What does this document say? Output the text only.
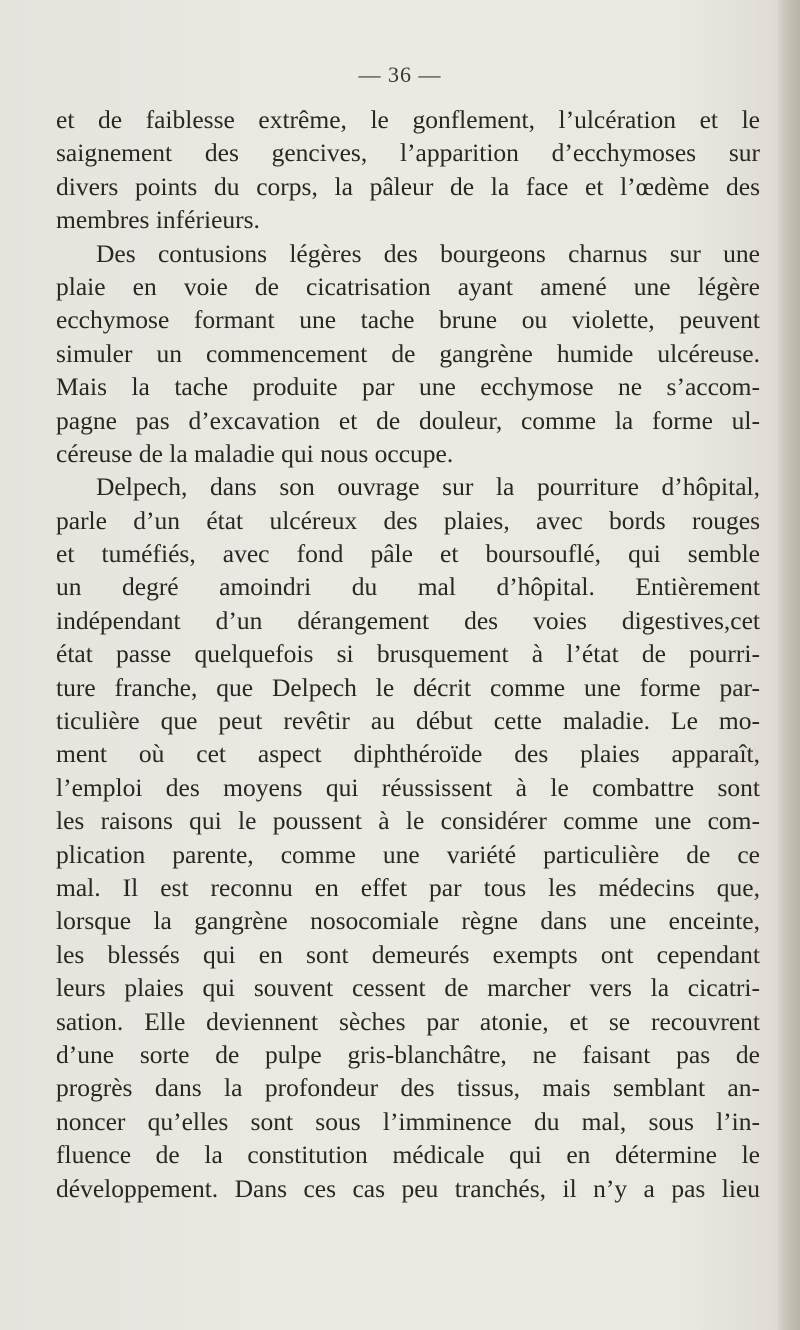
— 36 —
et de faiblesse extrême, le gonflement, l’ulcération et le
saignement des gencives, l’apparition d’ecchymoses sur
divers points du corps, la pâleur de la face et l’œdème des
membres inférieurs.
Des contusions légères des bourgeons charnus sur une
plaie en voie de cicatrisation ayant amené une légère
ecchymose formant une tache brune ou violette, peuvent
simuler un commencement de gangrène humide ulcéreuse.
Mais la tache produite par une ecchymose ne s’accom-
pagne pas d’excavation et de douleur, comme la forme ul-
céreuse de la maladie qui nous occupe.
Delpech, dans son ouvrage sur la pourriture d’hôpital,
parle d’un état ulcéreux des plaies, avec bords rouges
et tuméfiés, avec fond pâle et boursouflé, qui semble
un degré amoindri du mal d’hôpital. Entièrement
indépendant d’un dérangement des voies digestives,cet
état passe quelquefois si brusquement à l’état de pourri-
ture franche, que Delpech le décrit comme une forme par-
ticulière que peut revêtir au début cette maladie. Le mo-
ment où cet aspect diphthéroïde des plaies apparaît,
l’emploi des moyens qui réussissent à le combattre sont
les raisons qui le poussent à le considérer comme une com-
plication parente, comme une variété particulière de ce
mal. Il est reconnu en effet par tous les médecins que,
lorsque la gangrène nosocomiale règne dans une enceinte,
les blessés qui en sont demeurés exempts ont cependant
leurs plaies qui souvent cessent de marcher vers la cicatri-
sation. Elle deviennent sèches par atonie, et se recouvrent
d’une sorte de pulpe gris-blanchâtre, ne faisant pas de
progrès dans la profondeur des tissus, mais semblant an-
noncer qu’elles sont sous l’imminence du mal, sous l’in-
fluence de la constitution médicale qui en détermine le
développement. Dans ces cas peu tranchés, il n’y a pas lieu
